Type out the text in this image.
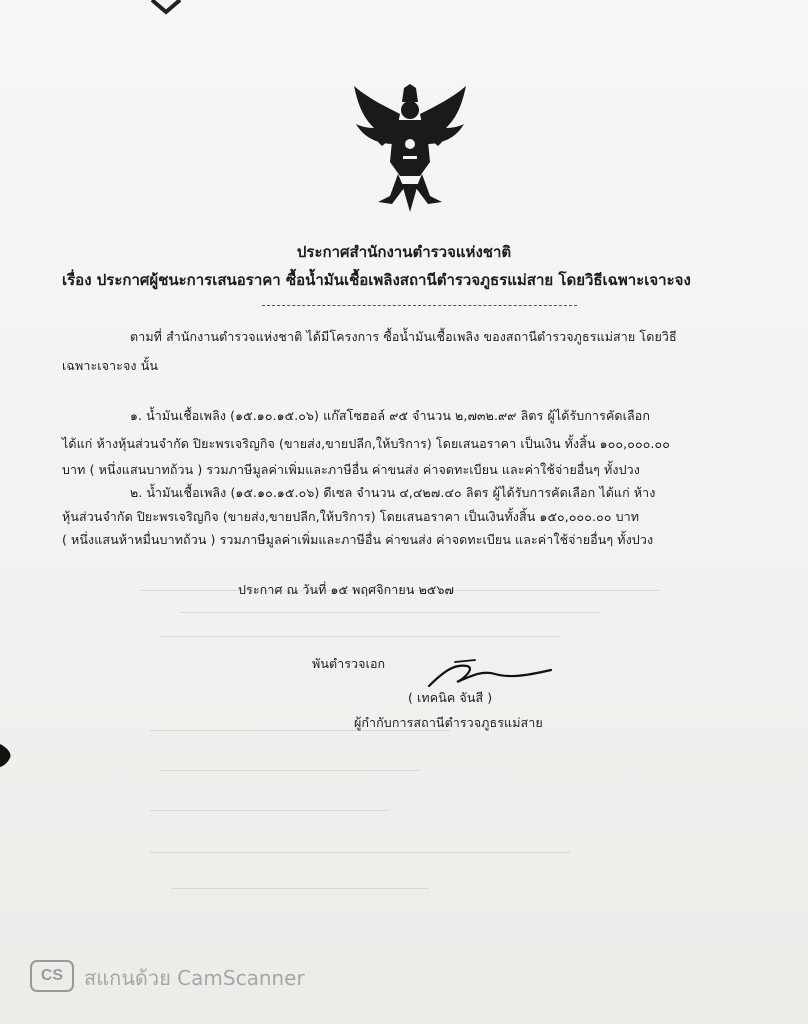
ประกาศสำนักงานตำรวจแห่งชาติ
เรื่อง ประกาศผู้ชนะการเสนอราคา ซื้อน้ำมันเชื้อเพลิงสถานีตำรวจภูธรแม่สาย โดยวิธีเฉพาะเจาะจง
ตามที่ สำนักงานตำรวจแห่งชาติ ได้มีโครงการ ซื้อน้ำมันเชื้อเพลิง ของสถานีตำรวจภูธรแม่สาย โดยวิธี
เฉพาะเจาะจง นั้น
๑. น้ำมันเชื้อเพลิง (๑๕.๑๐.๑๕.๐๖) แก๊สโซฮอล์ ๙๕ จำนวน ๒,๗๓๒.๙๙ ลิตร ผู้ได้รับการคัดเลือก
ได้แก่ ห้างหุ้นส่วนจำกัด ปิยะพรเจริญกิจ (ขายส่ง,ขายปลีก,ให้บริการ) โดยเสนอราคา เป็นเงิน ทั้งสิ้น ๑๐๐,๐๐๐.๐๐
บาท ( หนึ่งแสนบาทถ้วน ) รวมภาษีมูลค่าเพิ่มและภาษีอื่น ค่าขนส่ง ค่าจดทะเบียน และค่าใช้จ่ายอื่นๆ ทั้งปวง
๒. น้ำมันเชื้อเพลิง (๑๕.๑๐.๑๕.๐๖) ดีเซล จำนวน ๔,๔๒๗.๔๐ ลิตร ผู้ได้รับการคัดเลือก ได้แก่ ห้าง
หุ้นส่วนจำกัด ปิยะพรเจริญกิจ (ขายส่ง,ขายปลีก,ให้บริการ) โดยเสนอราคา เป็นเงินทั้งสิ้น ๑๕๐,๐๐๐.๐๐ บาท
( หนึ่งแสนห้าหมื่นบาทถ้วน ) รวมภาษีมูลค่าเพิ่มและภาษีอื่น ค่าขนส่ง ค่าจดทะเบียน และค่าใช้จ่ายอื่นๆ ทั้งปวง
ประกาศ ณ วันที่ ๑๕ พฤศจิกายน ๒๕๖๗
พันตำรวจเอก
( เทคนิค จันสี )
ผู้กำกับการสถานีตำรวจภูธรแม่สาย
CS	สแกนด้วย CamScanner
